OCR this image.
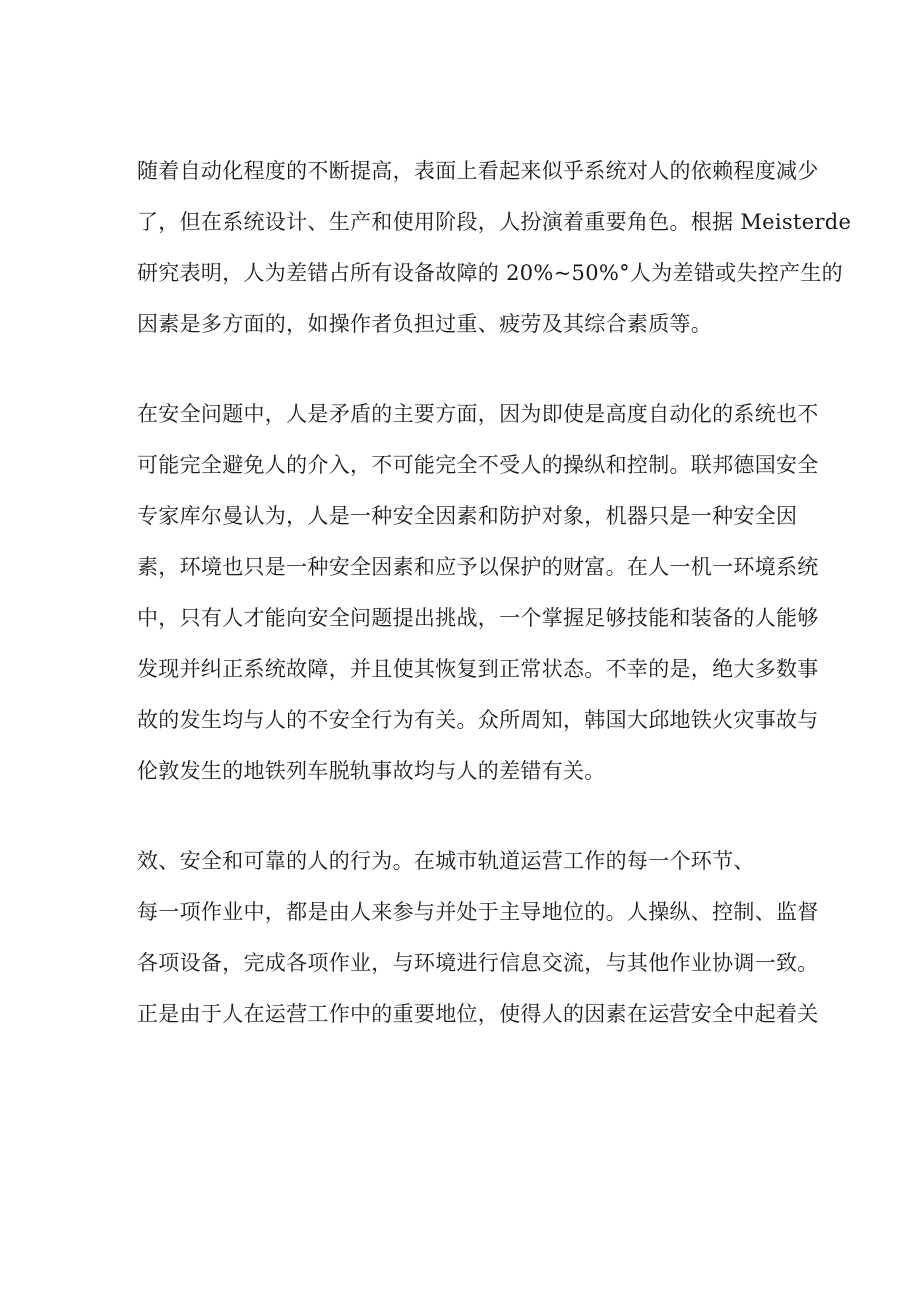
随着自动化程度的不断提高，表面上看起来似乎系统对人的依赖程度减少
了，但在系统设计、生产和使用阶段，人扮演着重要角色。根据 Meisterde
研究表明，人为差错占所有设备故障的 20%~50%°人为差错或失控产生的
因素是多方面的，如操作者负担过重、疲劳及其综合素质等。
在安全问题中，人是矛盾的主要方面，因为即使是高度自动化的系统也不
可能完全避免人的介入，不可能完全不受人的操纵和控制。联邦德国安全
专家库尔曼认为，人是一种安全因素和防护对象，机器只是一种安全因
素，环境也只是一种安全因素和应予以保护的财富。在人一机一环境系统
中，只有人才能向安全问题提出挑战，一个掌握足够技能和装备的人能够
发现并纠正系统故障，并且使其恢复到正常状态。不幸的是，绝大多数事
故的发生均与人的不安全行为有关。众所周知，韩国大邱地铁火灾事故与
伦敦发生的地铁列车脱轨事故均与人的差错有关。
效、安全和可靠的人的行为。在城市轨道运营工作的每一个环节、
每一项作业中，都是由人来参与并处于主导地位的。人操纵、控制、监督
各项设备，完成各项作业，与环境进行信息交流，与其他作业协调一致。
正是由于人在运营工作中的重要地位，使得人的因素在运营安全中起着关
